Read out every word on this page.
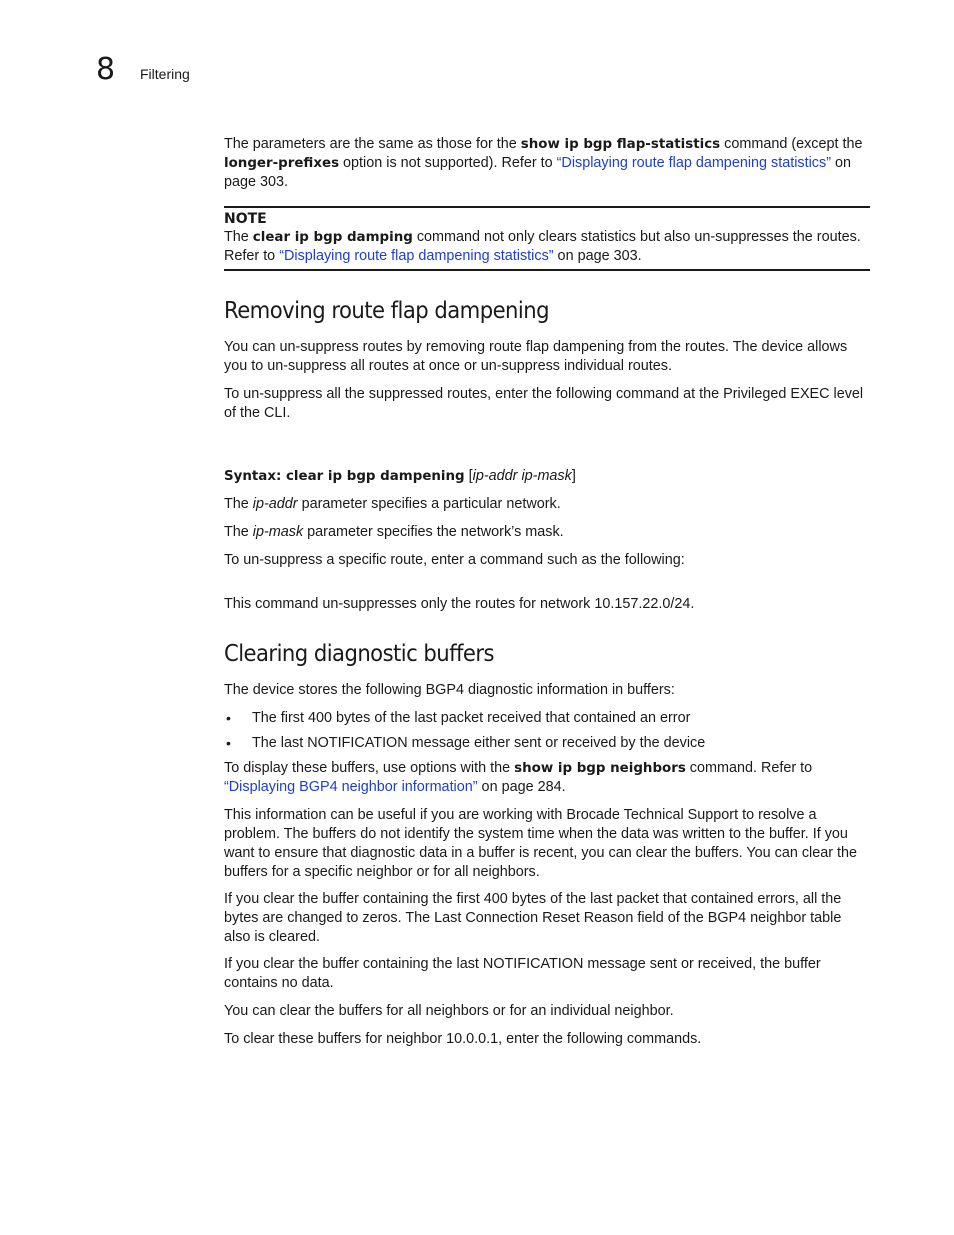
8 Filtering

The parameters are the same as those for the show ip bgp flap-statistics command (except the longer-prefixes option is not supported). Refer to “Displaying route flap dampening statistics” on page 303.

NOTE

The clear ip bgp damping command not only clears statistics but also un-suppresses the routes. Refer to “Displaying route flap dampening statistics” on page 303.

Removing route flap dampening

You can un-suppress routes by removing route flap dampening from the routes. The device allows you to un-suppress all routes at once or un-suppress individual routes.

To un-suppress all the suppressed routes, enter the following command at the Privileged EXEC level of the CLI.

Syntax: clear ip bgp dampening [ip-addr ip-mask]

The ip-addr parameter specifies a particular network.

The ip-mask parameter specifies the network’s mask.

To un-suppress a specific route, enter a command such as the following:

This command un-suppresses only the routes for network 10.157.22.0/24.

Clearing diagnostic buffers

The device stores the following BGP4 diagnostic information in buffers:

• The first 400 bytes of the last packet received that contained an error
• The last NOTIFICATION message either sent or received by the device

To display these buffers, use options with the show ip bgp neighbors command. Refer to “Displaying BGP4 neighbor information” on page 284.

This information can be useful if you are working with Brocade Technical Support to resolve a problem. The buffers do not identify the system time when the data was written to the buffer. If you want to ensure that diagnostic data in a buffer is recent, you can clear the buffers. You can clear the buffers for a specific neighbor or for all neighbors.

If you clear the buffer containing the first 400 bytes of the last packet that contained errors, all the bytes are changed to zeros. The Last Connection Reset Reason field of the BGP4 neighbor table also is cleared.

If you clear the buffer containing the last NOTIFICATION message sent or received, the buffer contains no data.

You can clear the buffers for all neighbors or for an individual neighbor.

To clear these buffers for neighbor 10.0.0.1, enter the following commands.
